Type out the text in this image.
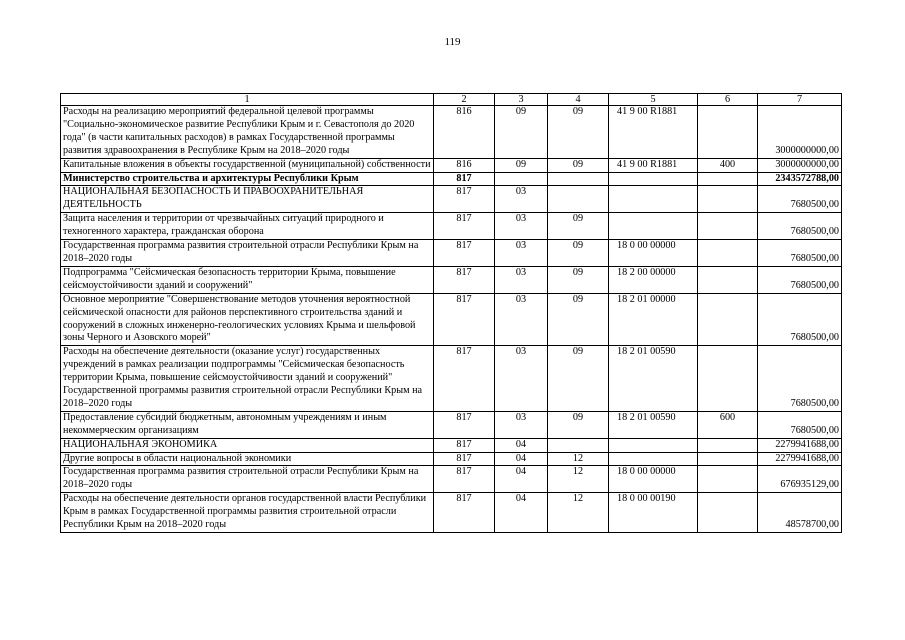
119
1	2	3	4	5	6	7
Расходы на реализацию мероприятий федеральной целевой программы "Социально-экономическое развитие Республики Крым и г. Севастополя до 2020 года" (в части капитальных расходов) в рамках Государственной программы развития здравоохранения в Республике Крым на 2018–2020 годы	816	09	09	41 9 00 R1881		3000000000,00
Капитальные вложения в объекты государственной (муниципальной) собственности	816	09	09	41 9 00 R1881	400	3000000000,00
Министерство строительства и архитектуры Республики Крым	817					2343572788,00
НАЦИОНАЛЬНАЯ БЕЗОПАСНОСТЬ И ПРАВООХРАНИТЕЛЬНАЯ ДЕЯТЕЛЬНОСТЬ	817	03				7680500,00
Защита населения и территории от чрезвычайных ситуаций природного и техногенного характера, гражданская оборона	817	03	09			7680500,00
Государственная программа развития строительной отрасли Республики Крым на 2018–2020 годы	817	03	09	18 0 00 00000		7680500,00
Подпрограмма "Сейсмическая безопасность территории Крыма, повышение сейсмоустойчивости зданий и сооружений"	817	03	09	18 2 00 00000		7680500,00
Основное мероприятие "Совершенствование методов уточнения вероятностной сейсмической опасности для районов перспективного строительства зданий и сооружений в сложных инженерно-геологических условиях Крыма и шельфовой зоны Черного и Азовского морей"	817	03	09	18 2 01 00000		7680500,00
Расходы на обеспечение деятельности (оказание услуг) государственных учреждений в рамках реализации подпрограммы "Сейсмическая безопасность территории Крыма, повышение сейсмоустойчивости зданий и сооружений" Государственной программы развития строительной отрасли Республики Крым на 2018–2020 годы	817	03	09	18 2 01 00590		7680500,00
Предоставление субсидий бюджетным, автономным учреждениям и иным некоммерческим организациям	817	03	09	18 2 01 00590	600	7680500,00
НАЦИОНАЛЬНАЯ ЭКОНОМИКА	817	04				2279941688,00
Другие вопросы в области национальной экономики	817	04	12			2279941688,00
Государственная программа развития строительной отрасли Республики Крым на 2018–2020 годы	817	04	12	18 0 00 00000		676935129,00
Расходы на обеспечение деятельности органов государственной власти Республики Крым в рамках Государственной программы развития строительной отрасли Республики Крым на 2018–2020 годы	817	04	12	18 0 00 00190		48578700,00
